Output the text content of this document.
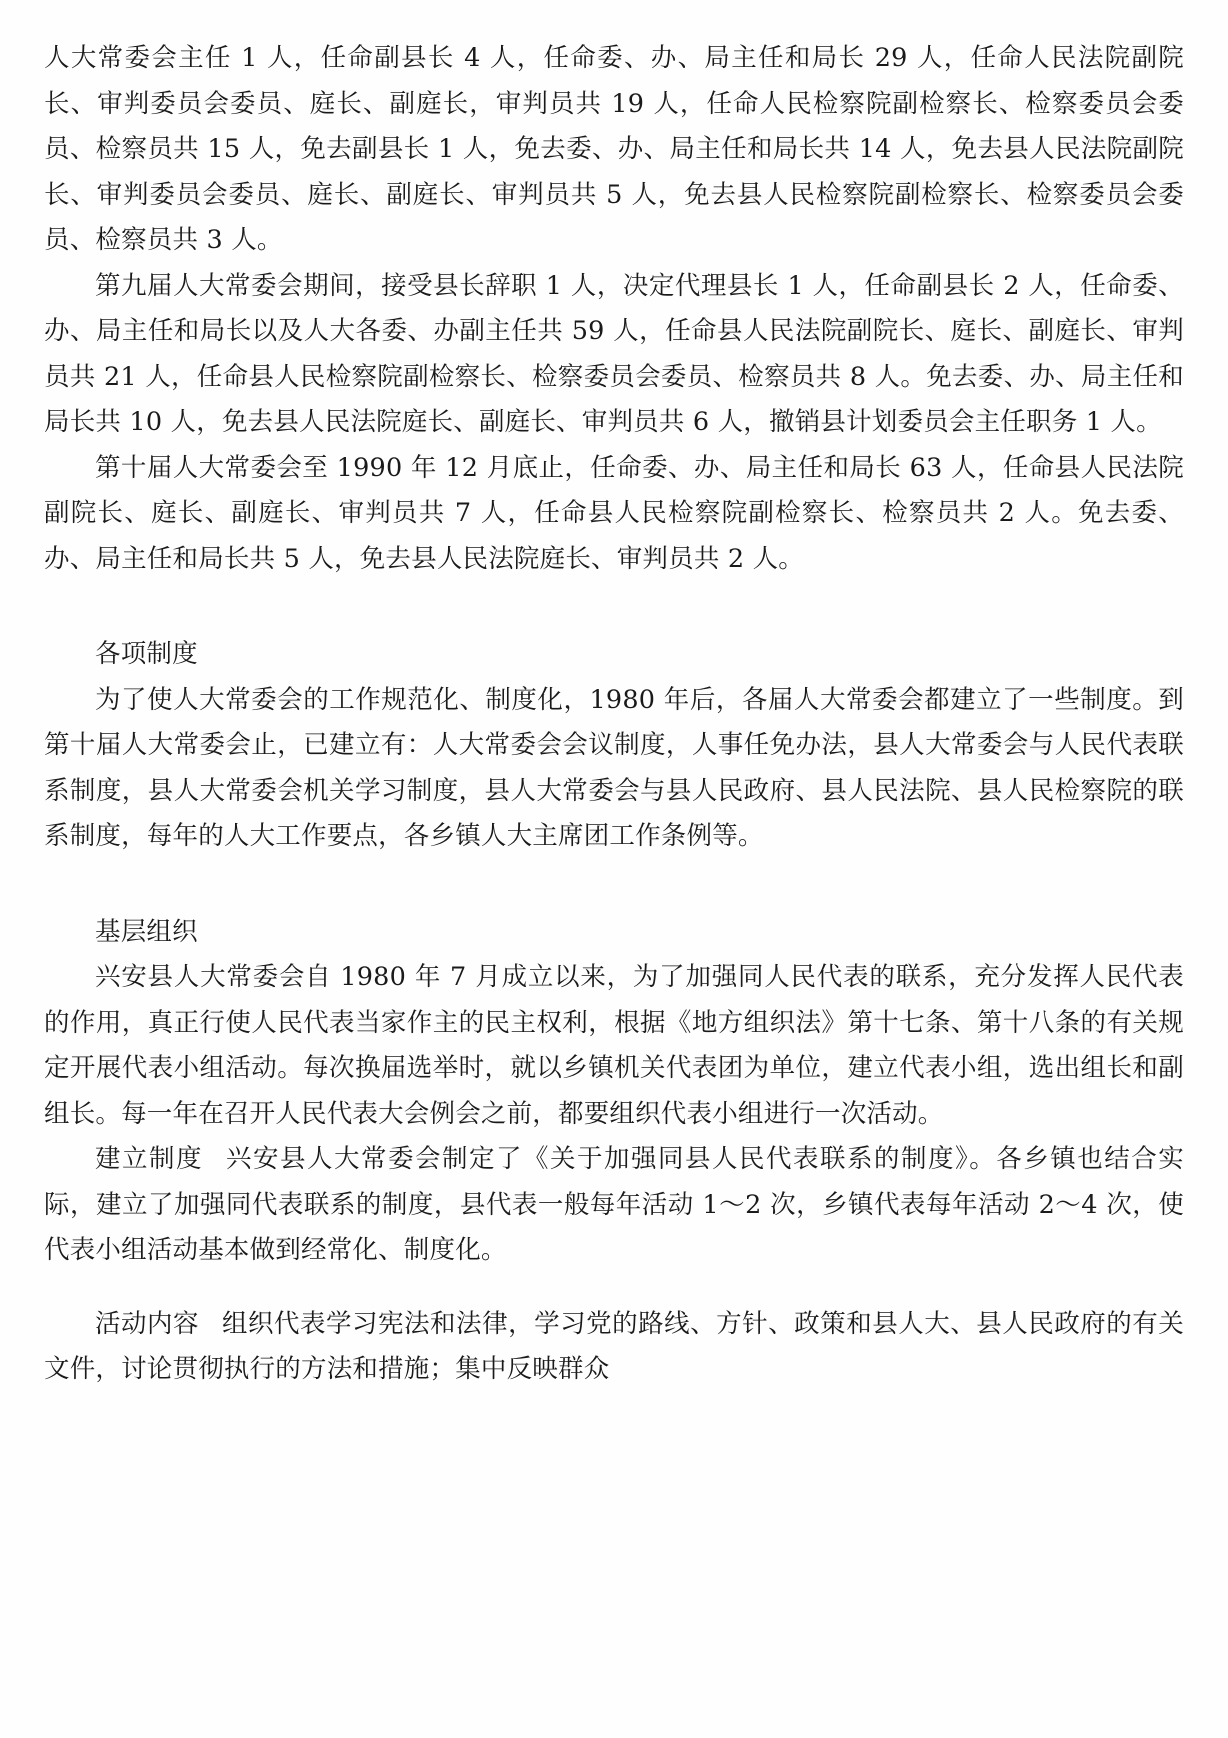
人大常委会主任 1 人，任命副县长 4 人，任命委、办、局主任和局长 29 人，任命人民法院副院长、审判委员会委员、庭长、副庭长，审判员共 19 人，任命人民检察院副检察长、检察委员会委员、检察员共 15 人，免去副县长 1 人，免去委、办、局主任和局长共 14 人，免去县人民法院副院长、审判委员会委员、庭长、副庭长、审判员共 5 人，免去县人民检察院副检察长、检察委员会委员、检察员共 3 人。

第九届人大常委会期间，接受县长辞职 1 人，决定代理县长 1 人，任命副县长 2 人，任命委、办、局主任和局长以及人大各委、办副主任共 59 人，任命县人民法院副院长、庭长、副庭长、审判员共 21 人，任命县人民检察院副检察长、检察委员会委员、检察员共 8 人。免去委、办、局主任和局长共 10 人，免去县人民法院庭长、副庭长、审判员共 6 人，撤销县计划委员会主任职务 1 人。

第十届人大常委会至 1990 年 12 月底止，任命委、办、局主任和局长 63 人，任命县人民法院副院长、庭长、副庭长、审判员共 7 人，任命县人民检察院副检察长、检察员共 2 人。免去委、办、局主任和局长共 5 人，免去县人民法院庭长、审判员共 2 人。

各项制度

为了使人大常委会的工作规范化、制度化，1980 年后，各届人大常委会都建立了一些制度。到第十届人大常委会止，已建立有：人大常委会会议制度，人事任免办法，县人大常委会与人民代表联系制度，县人大常委会机关学习制度，县人大常委会与县人民政府、县人民法院、县人民检察院的联系制度，每年的人大工作要点，各乡镇人大主席团工作条例等。

基层组织

兴安县人大常委会自 1980 年 7 月成立以来，为了加强同人民代表的联系，充分发挥人民代表的作用，真正行使人民代表当家作主的民主权利，根据《地方组织法》第十七条、第十八条的有关规定开展代表小组活动。每次换届选举时，就以乡镇机关代表团为单位，建立代表小组，选出组长和副组长。每一年在召开人民代表大会例会之前，都要组织代表小组进行一次活动。

建立制度 兴安县人大常委会制定了《关于加强同县人民代表联系的制度》。各乡镇也结合实际，建立了加强同代表联系的制度，县代表一般每年活动 1～2 次，乡镇代表每年活动 2～4 次，使代表小组活动基本做到经常化、制度化。

活动内容 组织代表学习宪法和法律，学习党的路线、方针、政策和县人大、县人民政府的有关文件，讨论贯彻执行的方法和措施；集中反映群众
